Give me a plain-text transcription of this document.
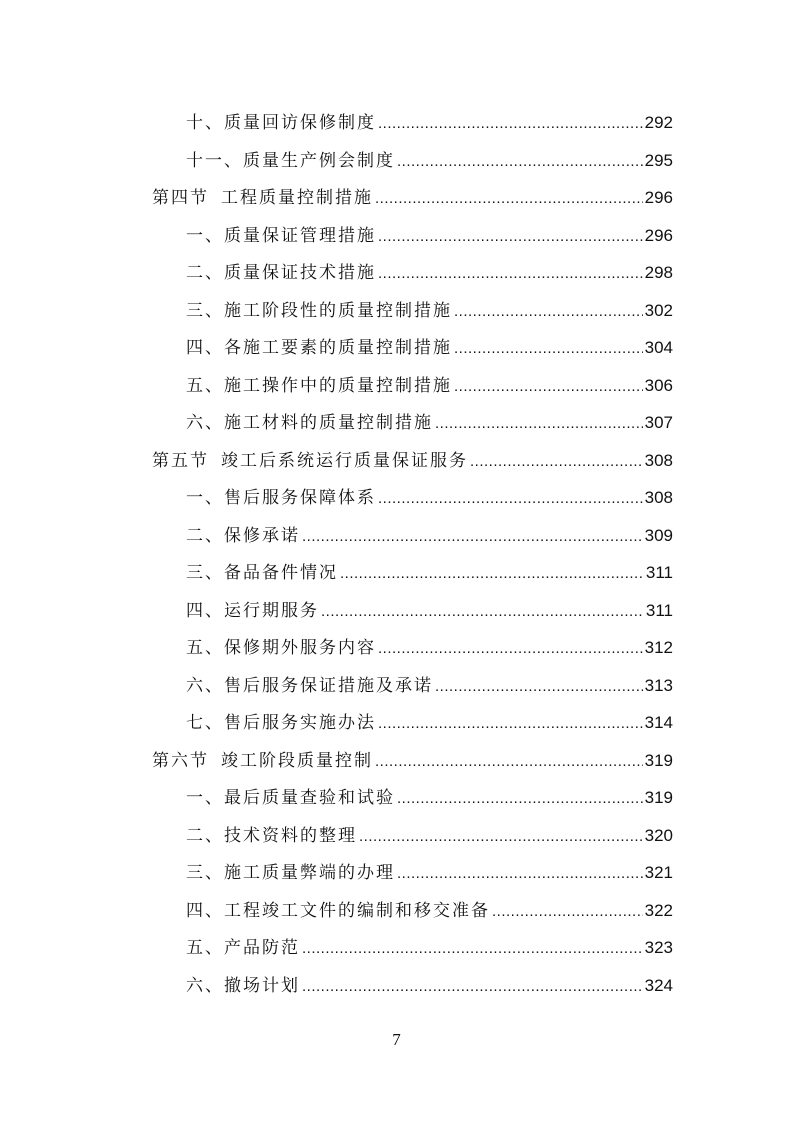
十、质量回访保修制度 .....	292
十一、质量生产例会制度 .....	295
第四节 工程质量控制措施 .....	296
一、质量保证管理措施 .....	296
二、质量保证技术措施 .....	298
三、施工阶段性的质量控制措施 .....	302
四、各施工要素的质量控制措施 .....	304
五、施工操作中的质量控制措施 .....	306
六、施工材料的质量控制措施 .....	307
第五节 竣工后系统运行质量保证服务 .....	308
一、售后服务保障体系 .....	308
二、保修承诺 .....	309
三、备品备件情况 .....	311
四、运行期服务 .....	311
五、保修期外服务内容 .....	312
六、售后服务保证措施及承诺 .....	313
七、售后服务实施办法 .....	314
第六节 竣工阶段质量控制 .....	319
一、最后质量查验和试验 .....	319
二、技术资料的整理 .....	320
三、施工质量弊端的办理 .....	321
四、工程竣工文件的编制和移交准备 .....	322
五、产品防范 .....	323
六、撤场计划 .....	324
7
